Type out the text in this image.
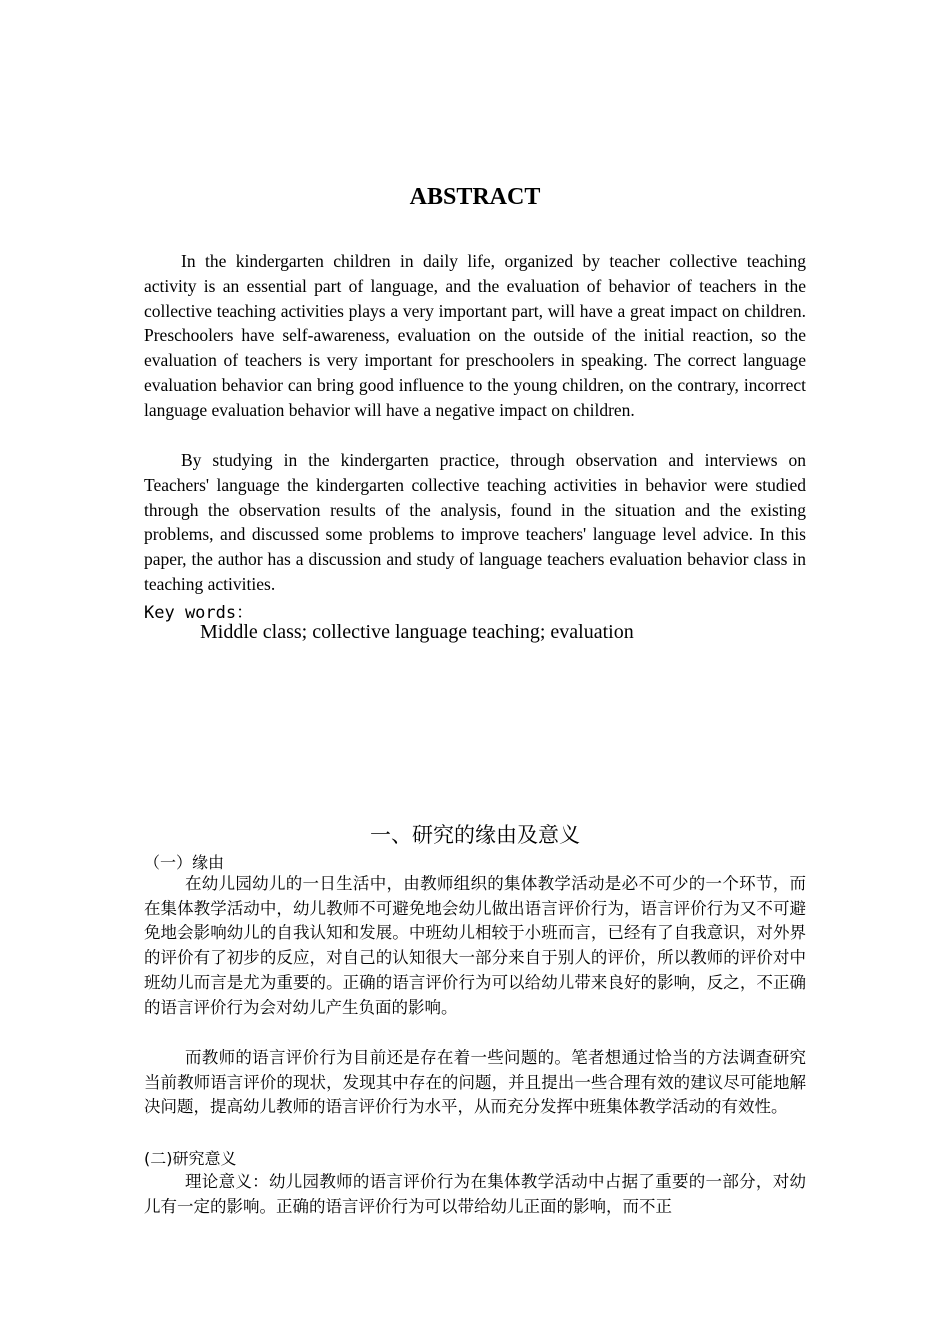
ABSTRACT

In the kindergarten children in daily life, organized by teacher collective teaching activity is an essential part of language, and the evaluation of behavior of teachers in the collective teaching activities plays a very important part, will have a great impact on children. Preschoolers have self-awareness, evaluation on the outside of the initial reaction, so the evaluation of teachers is very important for preschoolers in speaking. The correct language evaluation behavior can bring good influence to the young children, on the contrary, incorrect language evaluation behavior will have a negative impact on children.

By studying in the kindergarten practice, through observation and interviews on Teachers' language the kindergarten collective teaching activities in behavior were studied through the observation results of the analysis, found in the situation and the existing problems, and discussed some problems to improve teachers' language level advice. In this paper, the author has a discussion and study of language teachers evaluation behavior class in teaching activities.

Key words：
Middle class; collective language teaching; evaluation
一、研究的缘由及意义
（一）缘由

在幼儿园幼儿的一日生活中，由教师组织的集体教学活动是必不可少的一个环节，而在集体教学活动中，幼儿教师不可避免地会幼儿做出语言评价行为，语言评价行为又不可避免地会影响幼儿的自我认知和发展。中班幼儿相较于小班而言，已经有了自我意识，对外界的评价有了初步的反应，对自己的认知很大一部分来自于别人的评价，所以教师的评价对中班幼儿而言是尤为重要的。正确的语言评价行为可以给幼儿带来良好的影响，反之，不正确的语言评价行为会对幼儿产生负面的影响。

而教师的语言评价行为目前还是存在着一些问题的。笔者想通过恰当的方法调查研究当前教师语言评价的现状，发现其中存在的问题，并且提出一些合理有效的建议尽可能地解决问题，提高幼儿教师的语言评价行为水平，从而充分发挥中班集体教学活动的有效性。

(二)研究意义

理论意义：幼儿园教师的语言评价行为在集体教学活动中占据了重要的一部分，对幼儿有一定的影响。正确的语言评价行为可以带给幼儿正面的影响，而不正
